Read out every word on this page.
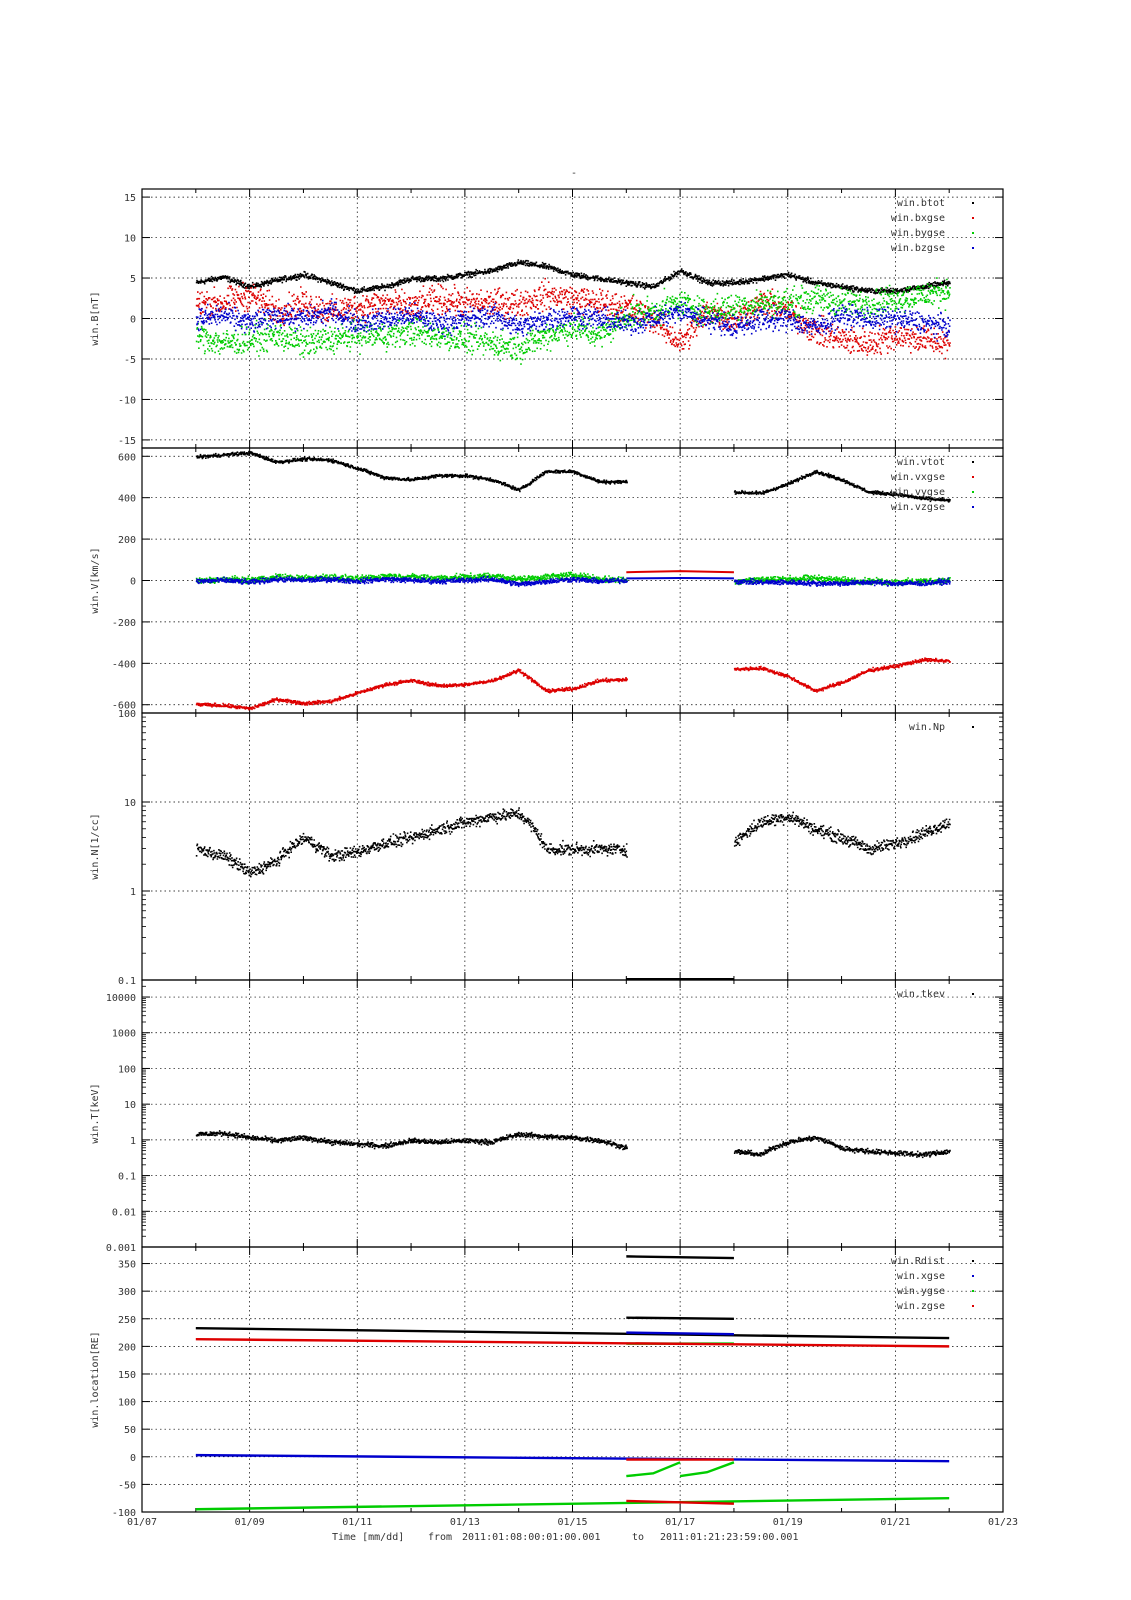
-
-15
-10
-5
0
5
10
15
win.B[nT]
win.btot
win.bxgse
win.bygse
win.bzgse
-600
-400
-200
0
200
400
600
win.V[km/s]
win.vtot
win.vxgse
win.vygse
win.vzgse
0.1
1
10
100
win.N[1/cc]
win.Np
0.001
0.01
0.1
1
10
100
1000
10000
win.T[keV]
win.tkev
-100
-50
0
50
100
150
200
250
300
350
win.location[RE]
win.Rdist
win.xgse
win.ygse
win.zgse
01/07	01/09	01/11	01/13	01/15	01/17	01/19	01/21	01/23
Time [mm/dd] from 2011:01:08:00:01:00.001	to 2011:01:21:23:59:00.001
